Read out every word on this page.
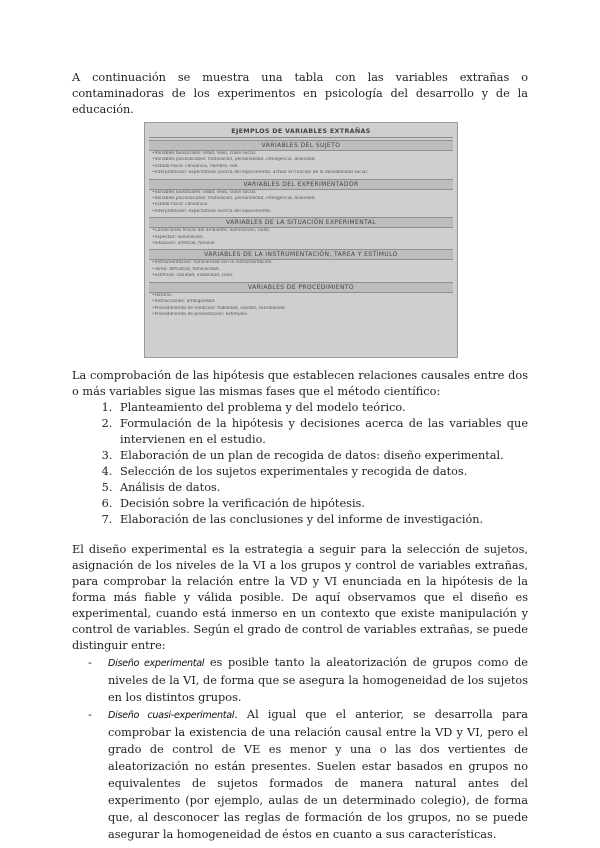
A continuación se muestra una tabla con las variables extrañas o contaminadoras de los experimentos en psicología del desarrollo y de la educación.

EJEMPLOS DE VARIABLES EXTRAÑAS
VARIABLES DEL SUJETO
• Variables biosociales: edad, sexo, clase social.
• Variables psicosociales: motivación, personalidad, inteligencia, ansiedad.
• Estado físico: cansancio, hambre, sed.
• Interpretación: expectativas acerca del experimento, actuar en función de la deseabilidad social.
VARIABLES DEL EXPERIMENTADOR
• Variables biosociales: edad, sexo, clase social.
• Variables psicosociales: motivación, personalidad, inteligencia, ansiedad.
• Estado físico: cansancio.
• Interpretación: expectativas acerca del experimento.
VARIABLES DE LA SITUACIÓN EXPERIMENTAL
• Condiciones físicas del ambiente: iluminación, ruido.
• Aspectos: iluminación.
• Situación: artificial, familiar.
VARIABLES DE LA INSTRUMENTACIÓN, TAREA Y ESTÍMULO
• Instrumentación: familiaridad con la instrumentación.
• Tarea: dificultad, familiaridad.
• Estímulo: claridad, visibilidad, color.
VARIABLES DE PROCEDIMIENTO
• Horario.
• Instrucciones: ambigüedad.
• Procedimiento de medición: fiabilidad, validez, sensibilidad.
• Procedimiento de presentación: estímulos.

La comprobación de las hipótesis que establecen relaciones causales entre dos o más variables sigue las mismas fases que el método científico:

1. Planteamiento del problema y del modelo teórico.
2. Formulación de la hipótesis y decisiones acerca de las variables que intervienen en el estudio.
3. Elaboración de un plan de recogida de datos: diseño experimental.
4. Selección de los sujetos experimentales y recogida de datos.
5. Análisis de datos.
6. Decisión sobre la verificación de hipótesis.
7. Elaboración de las conclusiones y del informe de investigación.

El diseño experimental es la estrategia a seguir para la selección de sujetos, asignación de los niveles de la VI a los grupos y control de variables extrañas, para comprobar la relación entre la VD y VI enunciada en la hipótesis de la forma más fiable y válida posible. De aquí observamos que el diseño es experimental, cuando está inmerso en un contexto que existe manipulación y control de variables. Según el grado de control de variables extrañas, se puede distinguir entre:

- Diseño experimental es posible tanto la aleatorización de grupos como de niveles de la VI, de forma que se asegura la homogeneidad de los sujetos en los distintos grupos.
- Diseño cuasi-experimental. Al igual que el anterior, se desarrolla para comprobar la existencia de una relación causal entre la VD y VI, pero el grado de control de VE es menor y una o las dos vertientes de aleatorización no están presentes. Suelen estar basados en grupos no equivalentes de sujetos formados de manera natural antes del experimento (por ejemplo, aulas de un determinado colegio), de forma que, al desconocer las reglas de formación de los grupos, no se puede asegurar la homogeneidad de éstos en cuanto a sus características.
